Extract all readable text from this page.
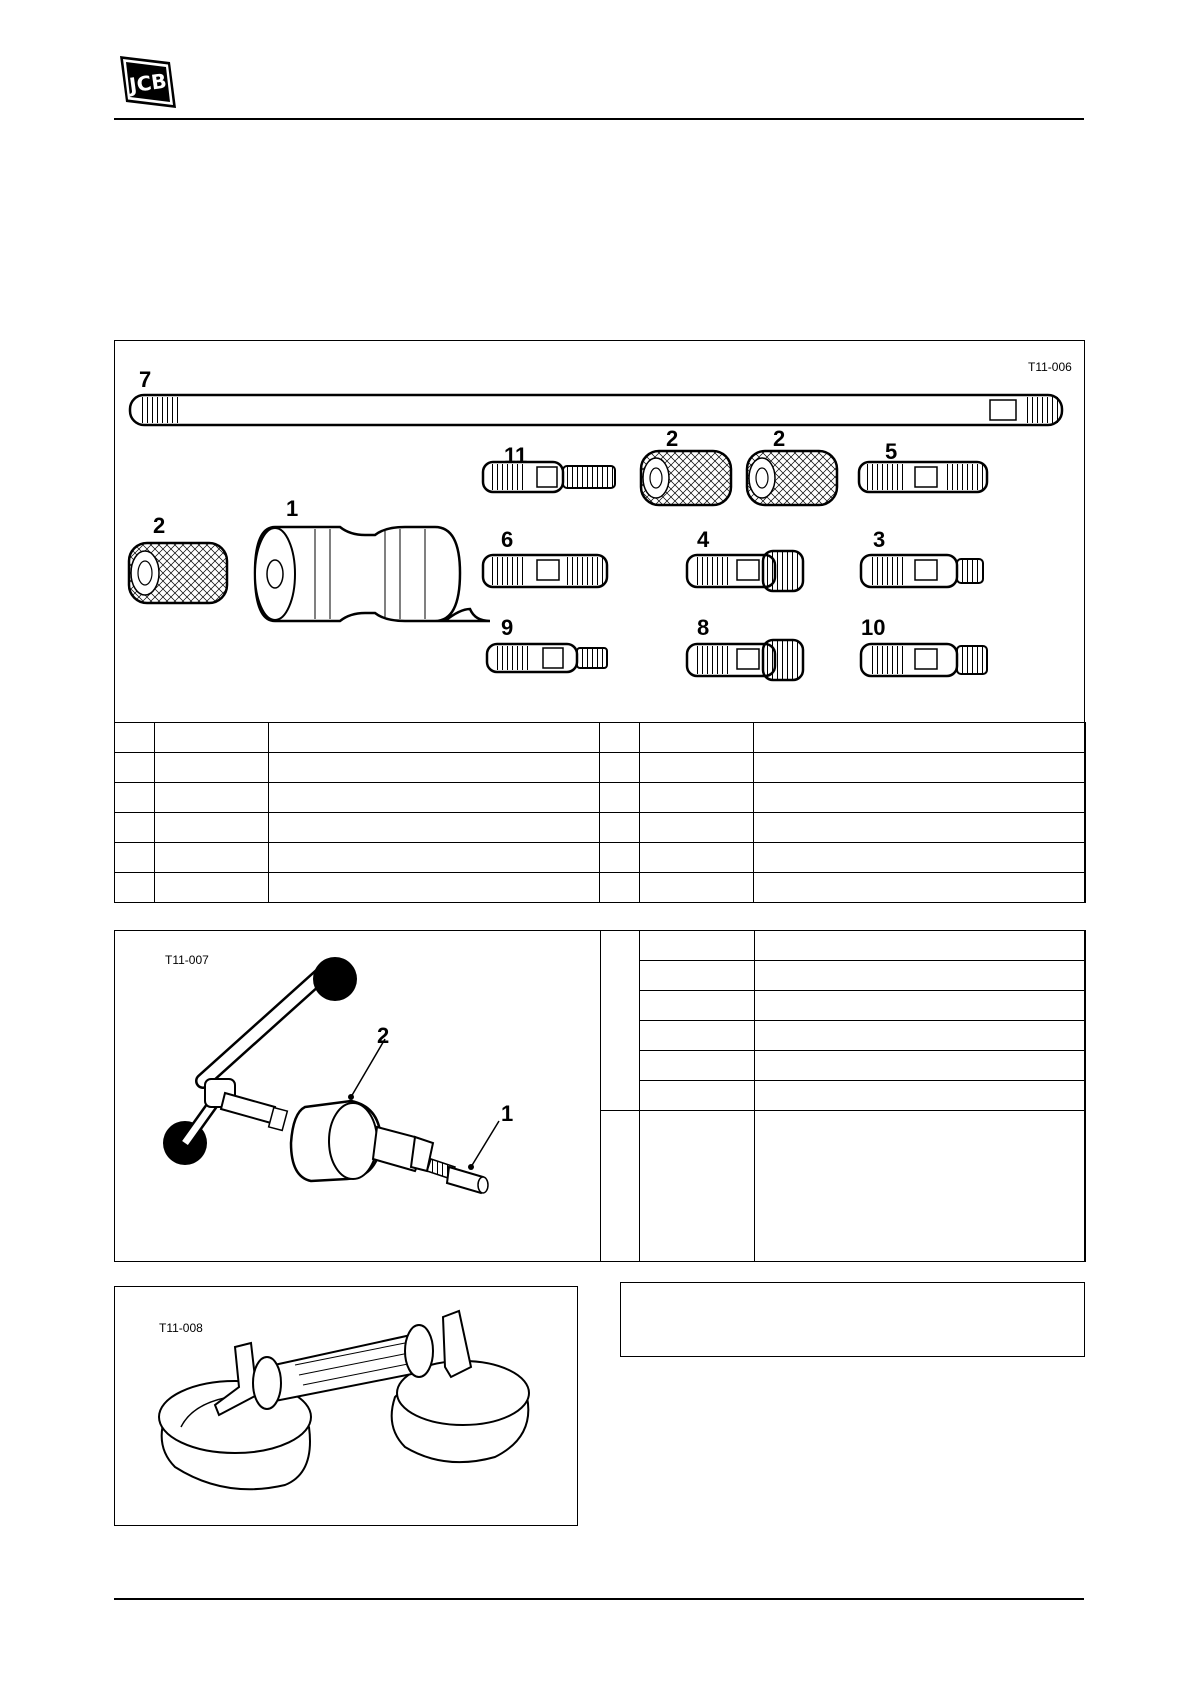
JCB
T11-006
7
11
2	2
5
2
1
6	4	3
9	8	10

T11-007
2
1

T11-008
